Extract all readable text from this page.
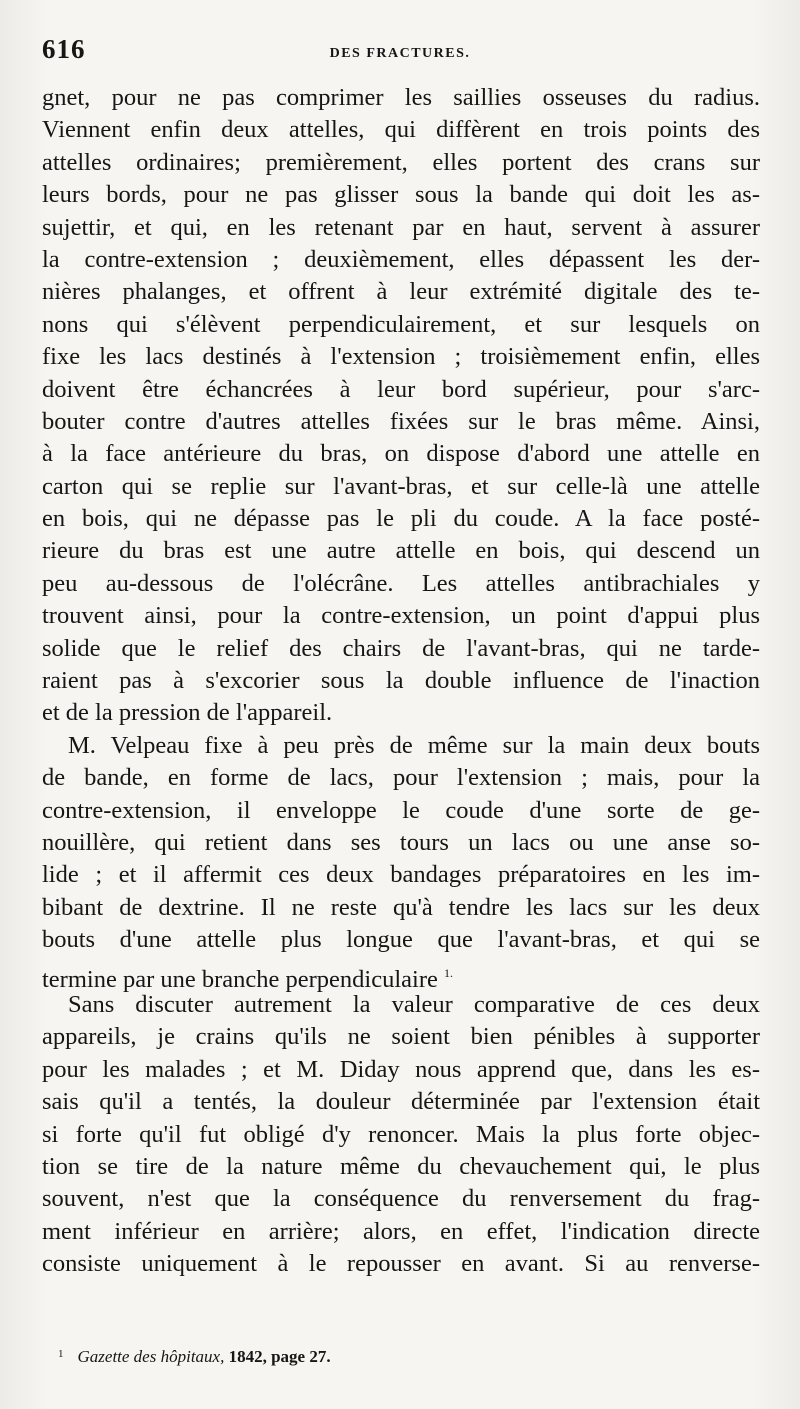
616	DES FRACTURES.
gnet, pour ne pas comprimer les saillies osseuses du radius.
Viennent enfin deux attelles, qui diffèrent en trois points des
attelles ordinaires; premièrement, elles portent des crans sur
leurs bords, pour ne pas glisser sous la bande qui doit les as-
sujettir, et qui, en les retenant par en haut, servent à assurer
la contre-extension ; deuxièmement, elles dépassent les der-
nières phalanges, et offrent à leur extrémité digitale des te-
nons qui s'élèvent perpendiculairement, et sur lesquels on
fixe les lacs destinés à l'extension ; troisièmement enfin, elles
doivent être échancrées à leur bord supérieur, pour s'arc-
bouter contre d'autres attelles fixées sur le bras même. Ainsi,
à la face antérieure du bras, on dispose d'abord une attelle en
carton qui se replie sur l'avant-bras, et sur celle-là une attelle
en bois, qui ne dépasse pas le pli du coude. A la face posté-
rieure du bras est une autre attelle en bois, qui descend un
peu au-dessous de l'olécrâne. Les attelles antibrachiales y
trouvent ainsi, pour la contre-extension, un point d'appui plus
solide que le relief des chairs de l'avant-bras, qui ne tarde-
raient pas à s'excorier sous la double influence de l'inaction
et de la pression de l'appareil.
M. Velpeau fixe à peu près de même sur la main deux bouts
de bande, en forme de lacs, pour l'extension ; mais, pour la
contre-extension, il enveloppe le coude d'une sorte de ge-
nouillère, qui retient dans ses tours un lacs ou une anse so-
lide ; et il affermit ces deux bandages préparatoires en les im-
bibant de dextrine. Il ne reste qu'à tendre les lacs sur les deux
bouts d'une attelle plus longue que l'avant-bras, et qui se
termine par une branche perpendiculaire $^{1.}$
Sans discuter autrement la valeur comparative de ces deux
appareils, je crains qu'ils ne soient bien pénibles à supporter
pour les malades ; et M. Diday nous apprend que, dans les es-
sais qu'il a tentés, la douleur déterminée par l'extension était
si forte qu'il fut obligé d'y renoncer. Mais la plus forte objec-
tion se tire de la nature même du chevauchement qui, le plus
souvent, n'est que la conséquence du renversement du frag-
ment inférieur en arrière; alors, en effet, l'indication directe
consiste uniquement à le repousser en avant. Si au renverse-
$^1$ Gazette des hôpitaux, 1842, page 27.
